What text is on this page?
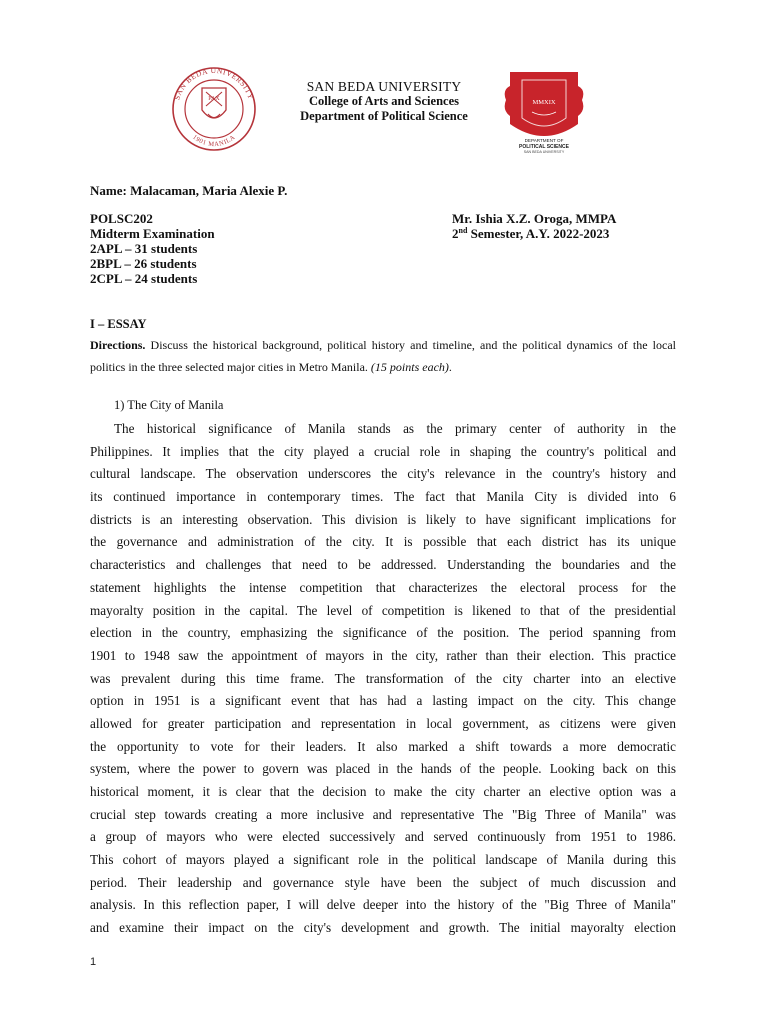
PAX
SAN BEDA UNIVERSITY
1901 MANILA
SAN BEDA UNIVERSITY
College of Arts and Sciences
Department of Political Science
MMXIX
DEPARTMENT OF
POLITICAL SCIENCE
SAN BEDA UNIVERSITY
Name: Malacaman, Maria Alexie P.
POLSC202
Midterm Examination
2APL – 31 students
2BPL – 26 students
2CPL – 24 students
Mr. Ishia X.Z. Oroga, MMPA
2nd Semester, A.Y. 2022-2023
I – ESSAY
Directions. Discuss the historical background, political history and timeline, and the political dynamics of the local politics in the three selected major cities in Metro Manila. (15 points each).
1) The City of Manila
The historical significance of Manila stands as the primary center of authority in the
Philippines. It implies that the city played a crucial role in shaping the country's political and
cultural landscape. The observation underscores the city's relevance in the country's history and
its continued importance in contemporary times. The fact that Manila City is divided into 6
districts is an interesting observation. This division is likely to have significant implications for
the governance and administration of the city. It is possible that each district has its unique
characteristics and challenges that need to be addressed. Understanding the boundaries and the
statement highlights the intense competition that characterizes the electoral process for the
mayoralty position in the capital. The level of competition is likened to that of the presidential
election in the country, emphasizing the significance of the position. The period spanning from
1901 to 1948 saw the appointment of mayors in the city, rather than their election. This practice
was prevalent during this time frame. The transformation of the city charter into an elective
option in 1951 is a significant event that has had a lasting impact on the city. This change
allowed for greater participation and representation in local government, as citizens were given
the opportunity to vote for their leaders. It also marked a shift towards a more democratic
system, where the power to govern was placed in the hands of the people. Looking back on this
historical moment, it is clear that the decision to make the city charter an elective option was a
crucial step towards creating a more inclusive and representative The "Big Three of Manila" was
a group of mayors who were elected successively and served continuously from 1951 to 1986.
This cohort of mayors played a significant role in the political landscape of Manila during this
period. Their leadership and governance style have been the subject of much discussion and
analysis. In this reflection paper, I will delve deeper into the history of the "Big Three of Manila"
and examine their impact on the city's development and growth. The initial mayoralty election
1
